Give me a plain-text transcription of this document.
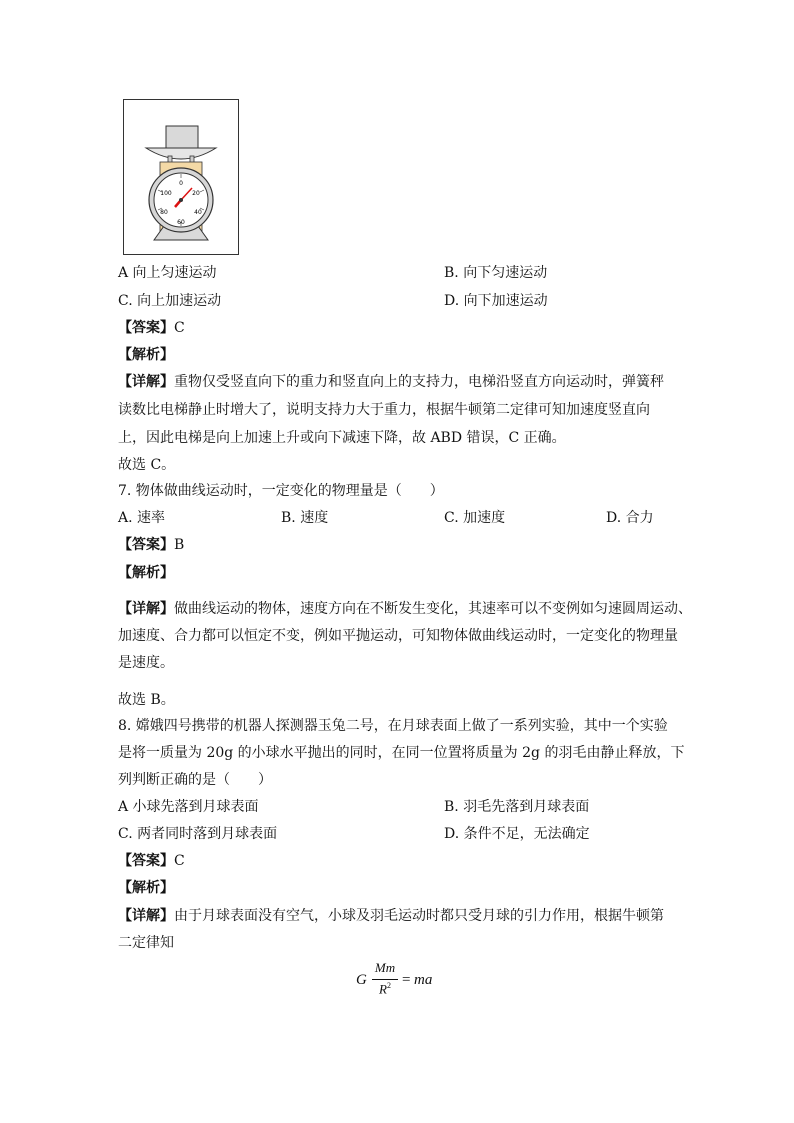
0
20
40
60
80
100
A 向上匀速运动	B. 向下匀速运动
C. 向上加速运动	D. 向下加速运动
【答案】C
【解析】
【详解】重物仅受竖直向下的重力和竖直向上的支持力，电梯沿竖直方向运动时，弹簧秤
读数比电梯静止时增大了，说明支持力大于重力，根据牛顿第二定律可知加速度竖直向
上，因此电梯是向上加速上升或向下减速下降，故 ABD 错误，C 正确。
故选 C。
7. 物体做曲线运动时，一定变化的物理量是（　　）
A. 速率	B. 速度	C. 加速度	D. 合力
【答案】B
【解析】
【详解】做曲线运动的物体，速度方向在不断发生变化，其速率可以不变例如匀速圆周运动、
加速度、合力都可以恒定不变，例如平抛运动，可知物体做曲线运动时，一定变化的物理量
是速度。
故选 B。
8. 嫦娥四号携带的机器人探测器玉兔二号，在月球表面上做了一系列实验，其中一个实验
是将一质量为 20g 的小球水平抛出的同时，在同一位置将质量为 2g 的羽毛由静止释放，下
列判断正确的是（　　）
A 小球先落到月球表面	B. 羽毛先落到月球表面
C. 两者同时落到月球表面	D. 条件不足，无法确定
【答案】C
【解析】
【详解】由于月球表面没有空气，小球及羽毛运动时都只受月球的引力作用，根据牛顿第
二定律知
G
Mm
$R^2$ = ma
